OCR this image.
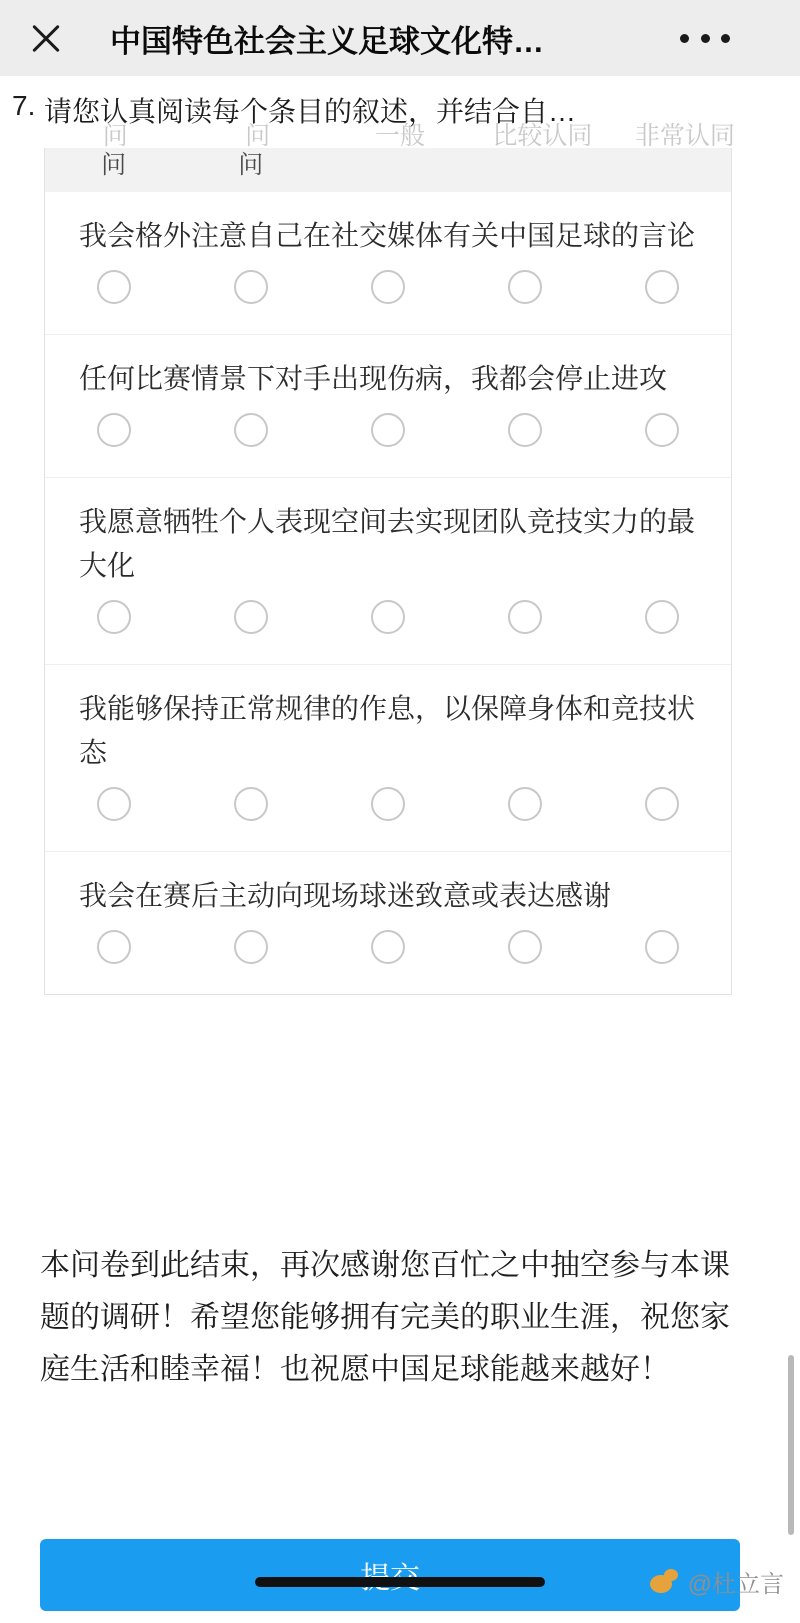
中国特色社会主义足球文化特…
7. 请您认真阅读每个条目的叙述，并结合自…
问	问	一般	比较认同	非常认同
问	问
我会格外注意自己在社交媒体有关中国足球的言论
任何比赛情景下对手出现伤病，我都会停止进攻
我愿意牺牲个人表现空间去实现团队竞技实力的最大化
我能够保持正常规律的作息，以保障身体和竞技状态
我会在赛后主动向现场球迷致意或表达感谢
本问卷到此结束，再次感谢您百忙之中抽空参与本课题的调研！希望您能够拥有完美的职业生涯，祝您家庭生活和睦幸福！也祝愿中国足球能越来越好！
@杜立言
